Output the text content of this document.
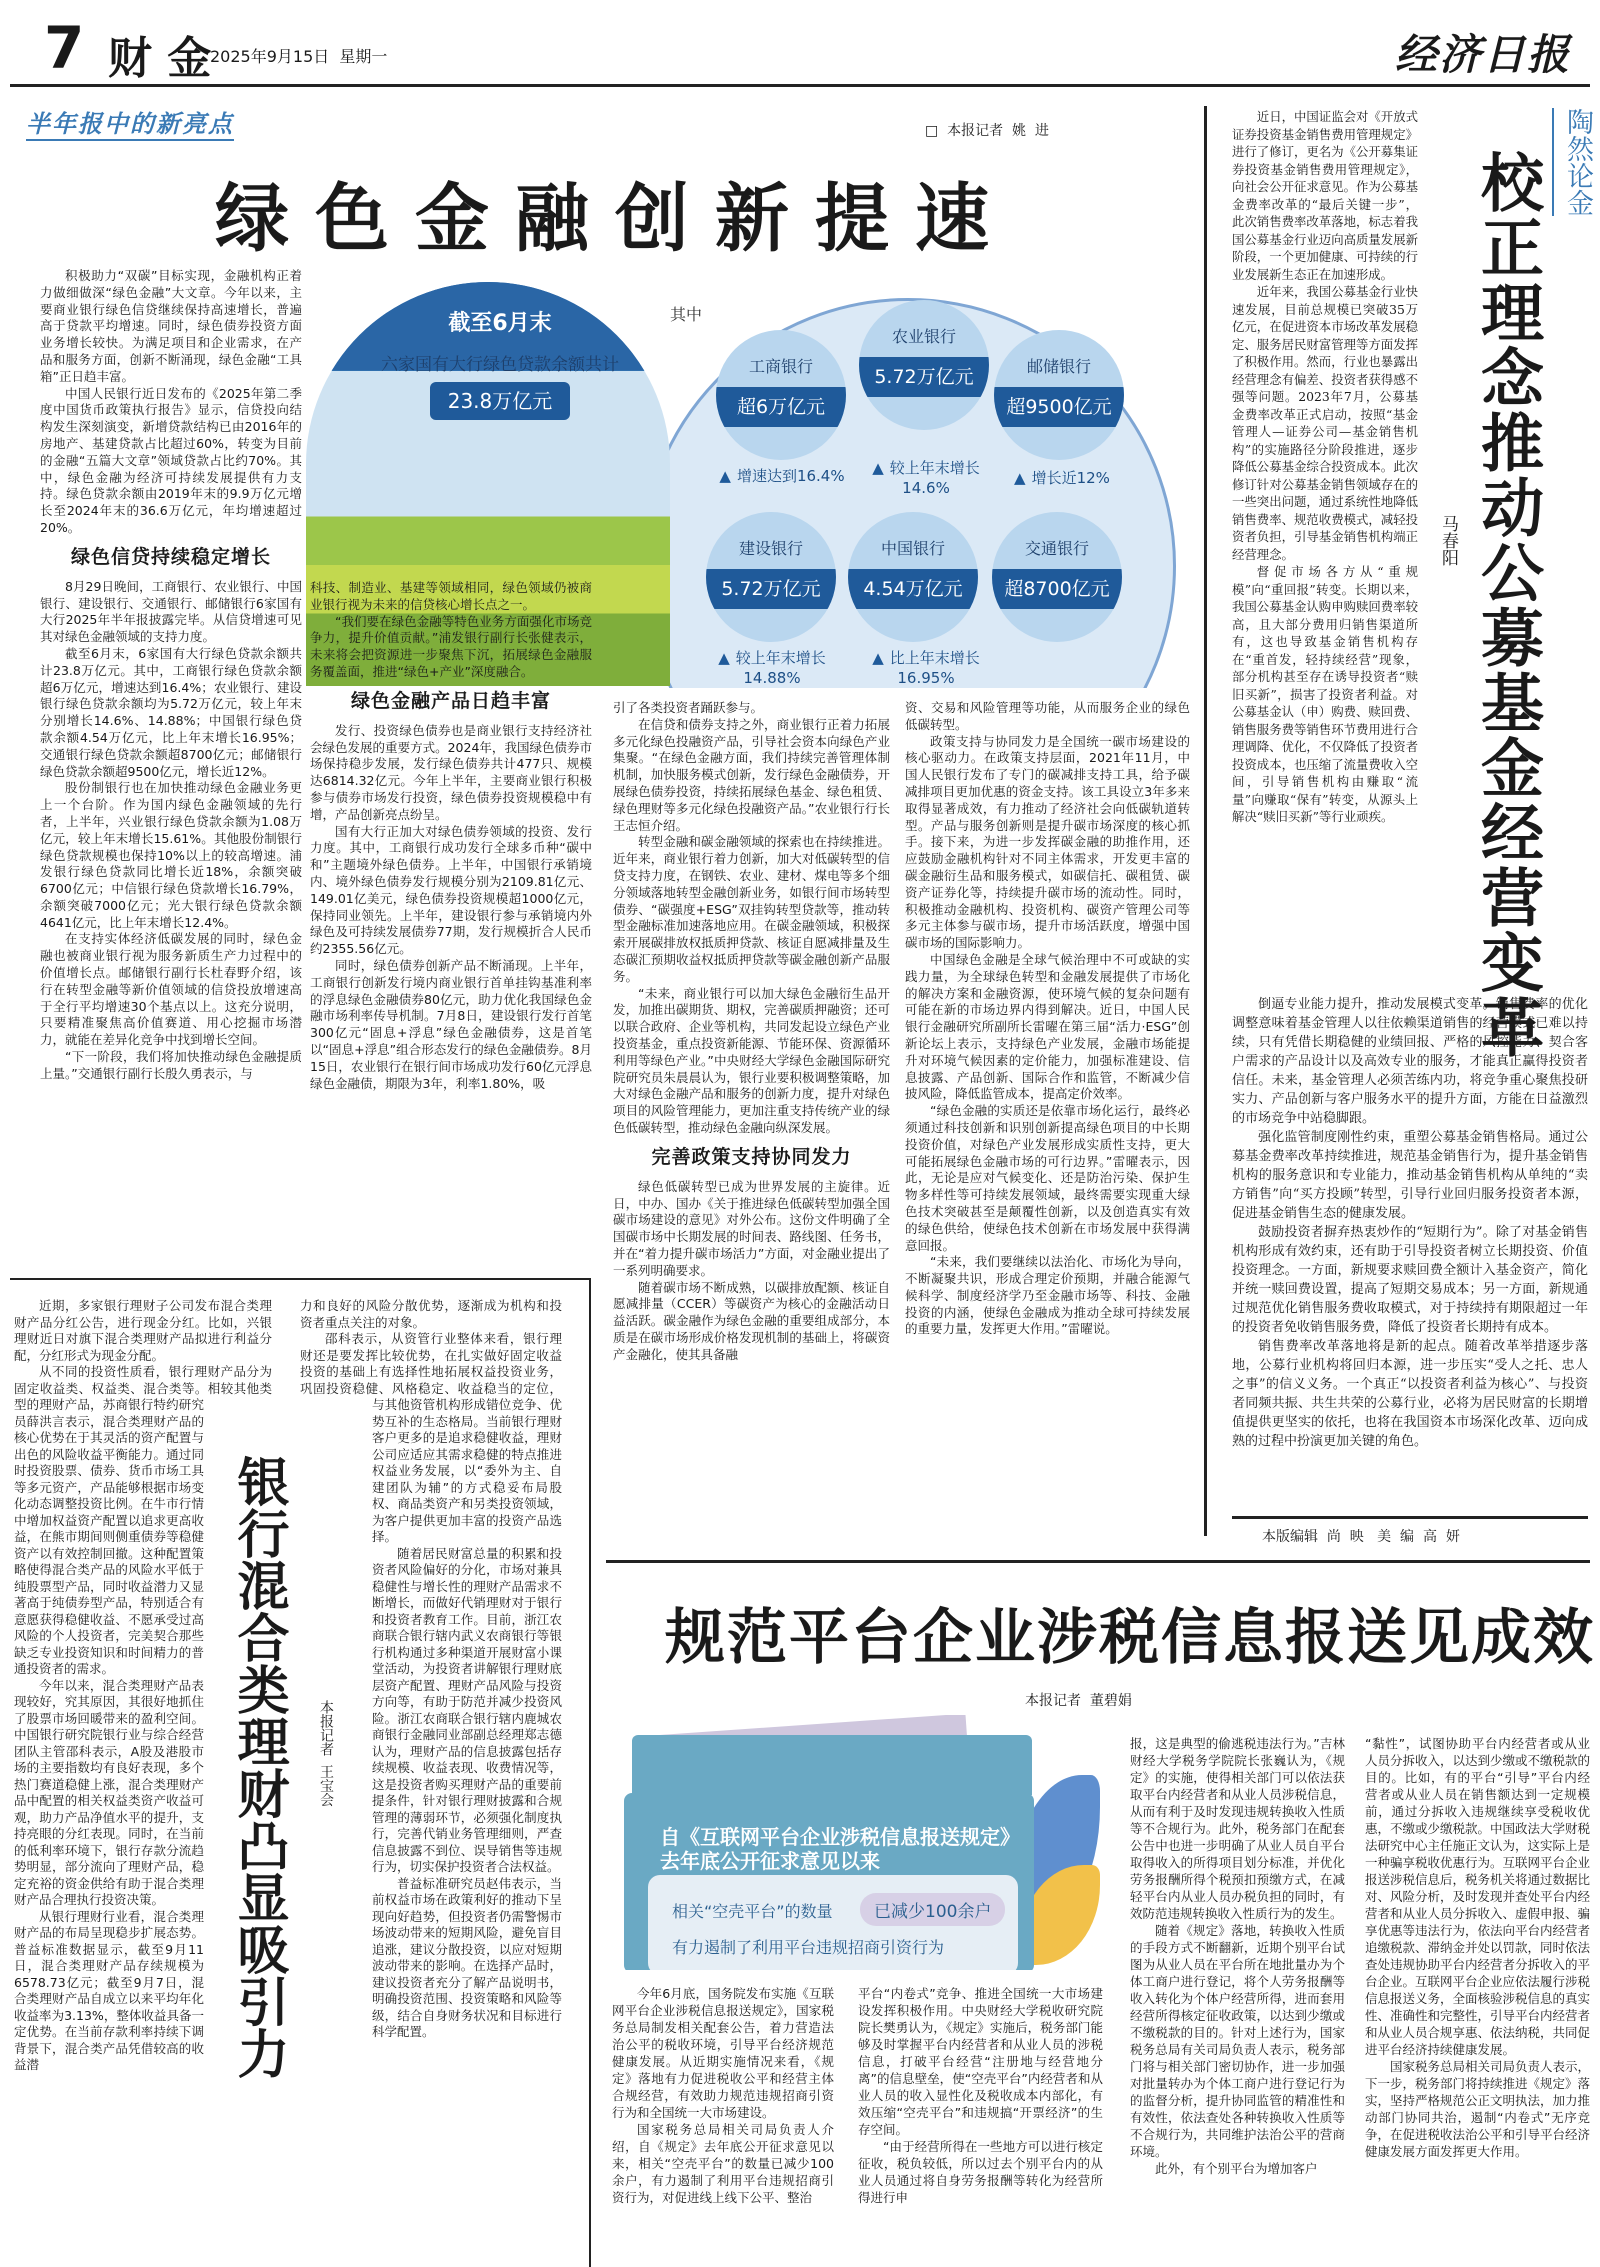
7 财 金
2025年9月15日  星期一	经济日报
半年报中的新亮点	□  本报记者  姚  进
绿色金融创新提速
截至6月末
六家国有大行绿色贷款余额共计
23.8万亿元
其中
工商银行
超6万亿元
▲ 增速达到16.4%
农业银行
5.72万亿元
▲ 较上年末增长14.6%
邮储银行
超9500亿元
▲ 增长近12%
建设银行
5.72万亿元
▲ 较上年末增长14.88%
中国银行
4.54万亿元
▲ 比上年末增长16.95%
交通银行
超8700亿元

积极助力“双碳”目标实现，金融机构正着力做细做深“绿色金融”大文章。今年以来，主要商业银行绿色信贷继续保持高速增长，普遍高于贷款平均增速。同时，绿色债券投资方面业务增长较快。为满足项目和企业需求，在产品和服务方面，创新不断涌现，绿色金融“工具箱”正日趋丰富。

中国人民银行近日发布的《2025年第二季度中国货币政策执行报告》显示，信贷投向结构发生深刻演变，新增贷款结构已由2016年的房地产、基建贷款占比超过60%，转变为目前的金融“五篇大文章”领域贷款占比约70%。其中，绿色金融为经济可持续发展提供有力支持。绿色贷款余额由2019年末的9.9万亿元增长至2024年末的36.6万亿元，年均增速超过20%。

绿色信贷持续稳定增长

8月29日晚间，工商银行、农业银行、中国银行、建设银行、交通银行、邮储银行6家国有大行2025年半年报披露完毕。从信贷增速可见其对绿色金融领域的支持力度。

截至6月末，6家国有大行绿色贷款余额共计23.8万亿元。其中，工商银行绿色贷款余额超6万亿元，增速达到16.4%；农业银行、建设银行绿色贷款余额均为5.72万亿元，较上年末分别增长14.6%、14.88%；中国银行绿色贷款余额4.54万亿元，比上年末增长16.95%；交通银行绿色贷款余额超8700亿元；邮储银行绿色贷款余额超9500亿元，增长近12%。

股份制银行也在加快推动绿色金融业务更上一个台阶。作为国内绿色金融领域的先行者，上半年，兴业银行绿色贷款余额为1.08万亿元，较上年末增长15.61%。其他股份制银行绿色贷款规模也保持10%以上的较高增速。浦发银行绿色贷款同比增长近18%，余额突破6700亿元；中信银行绿色贷款增长16.79%，余额突破7000亿元；光大银行绿色贷款余额4641亿元，比上年末增长12.4%。

在支持实体经济低碳发展的同时，绿色金融也被商业银行视为服务新质生产力过程中的价值增长点。邮储银行副行长杜春野介绍，该行在转型金融等新价值领域的信贷投放增速高于全行平均增速30个基点以上。这充分说明，只要精准聚焦高价值赛道、用心挖掘市场潜力，就能在差异化竞争中找到增长空间。

“下一阶段，我们将加快推动绿色金融提质上量。”交通银行副行长殷久勇表示，与

科技、制造业、基建等领域相同，绿色领域仍被商业银行视为未来的信贷核心增长点之一。

“我们要在绿色金融等特色业务方面强化市场竞争力，提升价值贡献。”浦发银行副行长张健表示，未来将会把资源进一步聚焦下沉，拓展绿色金融服务覆盖面，推进“绿色+产业”深度融合。

绿色金融产品日趋丰富

发行、投资绿色债券也是商业银行支持经济社会绿色发展的重要方式。2024年，我国绿色债券市场保持稳步发展，发行绿色债券共计477只、规模达6814.32亿元。今年上半年，主要商业银行积极参与债券市场发行投资，绿色债券投资规模稳中有增，产品创新亮点纷呈。

国有大行正加大对绿色债券领域的投资、发行力度。其中，工商银行成功发行全球多币种“碳中和”主题境外绿色债券。上半年，中国银行承销境内、境外绿色债券发行规模分别为2109.81亿元、149.01亿美元，绿色债券投资规模超1000亿元，保持同业领先。上半年，建设银行参与承销境内外绿色及可持续发展债券77期，发行规模折合人民币约2355.56亿元。

同时，绿色债券创新产品不断涌现。上半年，工商银行创新发行境内商业银行首单挂钩基准利率的浮息绿色金融债券80亿元，助力优化我国绿色金融市场利率传导机制。7月8日，建设银行发行首笔300亿元“固息+浮息”绿色金融债券，这是首笔以“固息+浮息”组合形态发行的绿色金融债券。8月15日，农业银行在银行间市场成功发行60亿元浮息绿色金融债，期限为3年，利率1.80%，吸

引了各类投资者踊跃参与。

在信贷和债券支持之外，商业银行正着力拓展多元化绿色投融资产品，引导社会资本向绿色产业集聚。“在绿色金融方面，我们持续完善管理体制机制，加快服务模式创新，发行绿色金融债券，开展绿色债券投资，持续拓展绿色基金、绿色租赁、绿色理财等多元化绿色投融资产品。”农业银行行长王志恒介绍。

转型金融和碳金融领域的探索也在持续推进。近年来，商业银行着力创新，加大对低碳转型的信贷支持力度，在钢铁、农业、建材、煤电等多个细分领域落地转型金融创新业务，如银行间市场转型债券、“碳强度+ESG”双挂钩转型贷款等，推动转型金融标准加速落地应用。在碳金融领域，积极探索开展碳排放权抵质押贷款、核证自愿减排量及生态碳汇预期收益权抵质押贷款等碳金融创新产品服务。

“未来，商业银行可以加大绿色金融衍生品开发，加推出碳期货、期权，完善碳质押融资；还可以联合政府、企业等机构，共同发起设立绿色产业投资基金，重点投资新能源、节能环保、资源循环利用等绿色产业。”中央财经大学绿色金融国际研究院研究员朱晨晨认为，银行业要积极调整策略，加大对绿色金融产品和服务的创新力度，提升对绿色项目的风险管理能力，更加注重支持传统产业的绿色低碳转型，推动绿色金融向纵深发展。

完善政策支持协同发力

绿色低碳转型已成为世界发展的主旋律。近日，中办、国办《关于推进绿色低碳转型加强全国碳市场建设的意见》对外公布。这份文件明确了全国碳市场中长期发展的时间表、路线图、任务书，并在“着力提升碳市场活力”方面，对金融业提出了一系列明确要求。

随着碳市场不断成熟，以碳排放配额、核证自愿减排量（CCER）等碳资产为核心的金融活动日益活跃。碳金融作为绿色金融的重要组成部分，本质是在碳市场形成价格发现机制的基础上，将碳资产金融化，使其具备融

资、交易和风险管理等功能，从而服务企业的绿色低碳转型。

政策支持与协同发力是全国统一碳市场建设的核心驱动力。在政策支持层面，2021年11月，中国人民银行发布了专门的碳减排支持工具，给予碳减排项目更加优惠的资金支持。该工具设立3年多来取得显著成效，有力推动了经济社会向低碳轨道转型。产品与服务创新则是提升碳市场深度的核心抓手。接下来，为进一步发挥碳金融的助推作用，还应鼓励金融机构针对不同主体需求，开发更丰富的碳金融衍生品和服务模式，如碳信托、碳租赁、碳资产证券化等，持续提升碳市场的流动性。同时，积极推动金融机构、投资机构、碳资产管理公司等多元主体参与碳市场，提升市场活跃度，增强中国碳市场的国际影响力。

中国绿色金融是全球气候治理中不可或缺的实践力量，为全球绿色转型和金融发展提供了市场化的解决方案和金融资源，使环境气候的复杂问题有可能在新的市场边界内得到解决。近日，中国人民银行金融研究所副所长雷曜在第三届“活力·ESG”创新论坛上表示，支持绿色产业发展，金融市场能提升对环境气候因素的定价能力，加强标准建设、信息披露、产品创新、国际合作和监管，不断减少信披风险，降低监管成本，提高定价效率。

“绿色金融的实质还是依靠市场化运行，最终必须通过科技创新和识别创新提高绿色项目的中长期投资价值，对绿色产业发展形成实质性支持，更大可能拓展绿色金融市场的可行边界。”雷曜表示，因此，无论是应对气候变化、还是防治污染、保护生物多样性等可持续发展领域，最终需要实现重大绿色技术突破甚至是颠覆性创新，以及创造真实有效的绿色供给，使绿色技术创新在市场发展中获得满意回报。

“未来，我们要继续以法治化、市场化为导向，不断凝聚共识，形成合理定价预期，并融合能源气候科学、制度经济学乃至金融市场等、科技、金融投资的内涵，使绿色金融成为推动全球可持续发展的重要力量，发挥更大作用。”雷曜说。

近日，中国证监会对《开放式证券投资基金销售费用管理规定》进行了修订，更名为《公开募集证券投资基金销售费用管理规定》，向社会公开征求意见。作为公募基金费率改革的“最后关键一步”，此次销售费率改革落地，标志着我国公募基金行业迈向高质量发展新阶段，一个更加健康、可持续的行业发展新生态正在加速形成。

近年来，我国公募基金行业快速发展，目前总规模已突破35万亿元，在促进资本市场改革发展稳定、服务居民财富管理等方面发挥了积极作用。然而，行业也暴露出经营理念有偏差、投资者获得感不强等问题。2023年7月，公募基金费率改革正式启动，按照“基金管理人—证券公司—基金销售机构”的实施路径分阶段推进，逐步降低公募基金综合投资成本。此次修订针对公募基金销售领域存在的一些突出问题，通过系统性地降低销售费率、规范收费模式，减轻投资者负担，引导基金销售机构端正经营理念。

督促市场各方从“重规模”向“重回报”转变。长期以来，我国公募基金认购申购赎回费率较高，且大部分费用归销售渠道所有，这也导致基金销售机构存在“重首发，轻持续经营”现象，部分机构甚至存在诱导投资者“赎旧买新”，损害了投资者利益。对公募基金认（申）购费、赎回费、销售服务费等销售环节费用进行合理调降、优化，不仅降低了投资者投资成本，也压缩了流量费收入空间，引导销售机构由赚取“流量”向赚取“保有”转变，从源头上解决“赎旧买新”等行业顽疾。

马春阳 校正理念推动公募基金经营变革 陶然论金

倒逼专业能力提升，推动发展模式变革。销售费率的优化调整意味着基金管理人以往依赖渠道销售的经营模式已难以持续，只有凭借长期稳健的业绩回报、严格的风控能力、契合客户需求的产品设计以及高效专业的服务，才能真正赢得投资者信任。未来，基金管理人必须苦练内功，将竞争重心聚焦投研实力、产品创新与客户服务水平的提升方面，方能在日益激烈的市场竞争中站稳脚跟。

强化监管制度刚性约束，重塑公募基金销售格局。通过公募基金费率改革持续推进，规范基金销售行为，提升基金销售机构的服务意识和专业能力，推动基金销售机构从单纯的“卖方销售”向“买方投顾”转型，引导行业回归服务投资者本源，促进基金销售生态的健康发展。

鼓励投资者摒弃热衷炒作的“短期行为”。除了对基金销售机构形成有效约束，还有助于引导投资者树立长期投资、价值投资理念。一方面，新规要求赎回费全额计入基金资产，简化并统一赎回费设置，提高了短期交易成本；另一方面，新规通过规范优化销售服务费收取模式，对于持续持有期限超过一年的投资者免收销售服务费，降低了投资者长期持有成本。

销售费率改革落地将是新的起点。随着改革举措逐步落地，公募行业机构将回归本源，进一步压实“受人之托、忠人之事”的信义义务。一个真正“以投资者利益为核心”、与投资者同频共振、共生共荣的公募行业，必将为居民财富的长期增值提供更坚实的依托，也将在我国资本市场深化改革、迈向成熟的过程中扮演更加关键的角色。

本版编辑  尚  映   美  编  高  妍

近期，多家银行理财子公司发布混合类理财产品分红公告，进行现金分红。比如，兴银理财近日对旗下混合类理财产品拟进行利益分配，分红形式为现金分配。

从不同的投资性质看，银行理财产品分为固定收益类、权益类、混合类等。相较其他类型的理财产品，苏商银行特约研究员薛洪言表示，混合类理财产品的核心优势在于其灵活的资产配置与出色的风险收益平衡能力。通过同时投资股票、债券、货币市场工具等多元资产，产品能够根据市场变化动态调整投资比例。在牛市行情中增加权益资产配置以追求更高收益，在熊市期间则侧重债券等稳健资产以有效控制回撤。这种配置策略使得混合类产品的风险水平低于纯股票型产品，同时收益潜力又显著高于纯债券型产品，特别适合有意愿获得稳健收益、不愿承受过高风险的个人投资者，完美契合那些缺乏专业投资知识和时间精力的普通投资者的需求。

今年以来，混合类理财产品表现较好，究其原因，其很好地抓住了股票市场回暖带来的盈利空间。中国银行研究院银行业与综合经营团队主管邵科表示，A股及港股市场的主要指数均有良好表现，多个热门赛道稳健上涨，混合类理财产品中配置的相关权益类资产收益可观，助力产品净值水平的提升，支持亮眼的分红表现。同时，在当前的低利率环境下，银行存款分流趋势明显，部分流向了理财产品，稳定充裕的资金供给有助于混合类理财产品合理执行投资决策。

从银行理财行业看，混合类理财产品的布局呈现稳步扩展态势。普益标准数据显示，截至9月11日，混合类理财产品存续规模为6578.73亿元；截至9月7日，混合类理财产品自成立以来平均年化收益率为3.13%，整体收益具备一定优势。在当前存款利率持续下调背景下，混合类产品凭借较高的收益潜

力和良好的风险分散优势，逐渐成为机构和投资者重点关注的对象。

邵科表示，从资管行业整体来看，银行理财还是要发挥比较优势，在扎实做好固定收益投资的基础上有选择性地拓展权益投资业务，巩固投资稳健、风格稳定、收益稳当的定位，与其他资管机构形成错位竞争、优势互补的生态格局。当前银行理财客户更多的是追求稳健收益，理财公司应适应其需求稳健的特点推进权益业务发展，以“委外为主、自建团队为辅”的方式稳妥布局股权、商品类资产和另类投资领域，为客户提供更加丰富的投资产品选择。

随着居民财富总量的积累和投资者风险偏好的分化，市场对兼具稳健性与增长性的理财产品需求不断增长，而做好代销理财对于银行和投资者教育工作。目前，浙江农商联合银行辖内武义农商银行等银行机构通过多种渠道开展财富小课堂活动，为投资者讲解银行理财底层资产配置、理财产品风险与投资方向等，有助于防范并减少投资风险。浙江农商联合银行辖内鹿城农商银行金融同业部副总经理郑志德认为，理财产品的信息披露包括存续规模、收益表现、收费情况等，这是投资者购买理财产品的重要前提条件，针对银行理财披露和合规管理的薄弱环节，必须强化制度执行，完善代销业务管理细则，严查信息披露不到位、误导销售等违规行为，切实保护投资者合法权益。

普益标准研究员赵伟表示，当前权益市场在政策利好的推动下呈现向好趋势，但投资者仍需警惕市场波动带来的短期风险，避免盲目追涨，建议分散投资，以应对短期波动带来的影响。在选择产品时，建议投资者充分了解产品说明书，明确投资范围、投资策略和风险等级，结合自身财务状况和目标进行科学配置。

银行混合类理财凸显吸引力 本报记者  王宝会
规范平台企业涉税信息报送见成效
本报记者  董碧娟
自《互联网平台企业涉税信息报送规定》
去年底公开征求意见以来
相关“空壳平台”的数量	已减少100余户
有力遏制了利用平台违规招商引资行为

今年6月底，国务院发布实施《互联网平台企业涉税信息报送规定》，国家税务总局制发相关配套公告，着力营造法治公平的税收环境，引导平台经济规范健康发展。从近期实施情况来看，《规定》落地有力促进税收公平和经营主体合规经营，有效助力规范违规招商引资行为和全国统一大市场建设。

国家税务总局相关司局负责人介绍，自《规定》去年底公开征求意见以来，相关“空壳平台”的数量已减少100余户，有力遏制了利用平台违规招商引资行为，对促进线上线下公平、整治

平台“内卷式”竞争、推进全国统一大市场建设发挥积极作用。中央财经大学税收研究院院长樊勇认为，《规定》实施后，税务部门能够及时掌握平台内经营者和从业人员的涉税信息，打破平台经营“注册地与经营地分离”的信息壁垒，使“空壳平台”内经营者和从业人员的收入显性化及税收成本内部化，有效压缩“空壳平台”和违规搞“开票经济”的生存空间。

“由于经营所得在一些地方可以进行核定征收，税负较低，所以过去个别平台内的从业人员通过将自身劳务报酬等转化为经营所得进行申

报，这是典型的偷逃税违法行为。”吉林财经大学税务学院院长张巍认为，《规定》的实施，使得相关部门可以依法获取平台内经营者和从业人员涉税信息，从而有利于及时发现违规转换收入性质等不合规行为。此外，税务部门在配套公告中也进一步明确了从业人员自平台取得收入的所得项目划分标准，并优化劳务报酬所得个税预扣预缴方式，在减轻平台内从业人员办税负担的同时，有效防范违规转换收入性质行为的发生。

随着《规定》落地，转换收入性质的手段方式不断翻新，近期个别平台试图为从业人员在平台所在地批量办为个体工商户进行登记，将个人劳务报酬等收入转化为个体户经营所得，进而套用经营所得核定征收政策，以达到少缴或不缴税款的目的。针对上述行为，国家税务总局有关司局负责人表示，税务部门将与相关部门密切协作，进一步加强对批量转办为个体工商户进行登记行为的监督分析，提升协同监管的精准性和有效性，依法查处各种转换收入性质等不合规行为，共同维护法治公平的营商环境。

此外，有个别平台为增加客户

“黏性”，试图协助平台内经营者或从业人员分拆收入，以达到少缴或不缴税款的目的。比如，有的平台“引导”平台内经营者或从业人员在销售额达到一定规模前，通过分拆收入违规继续享受税收优惠，不缴或少缴税款。中国政法大学财税法研究中心主任施正文认为，这实际上是一种骗享税收优惠行为。互联网平台企业报送涉税信息后，税务机关将通过数据比对、风险分析，及时发现并查处平台内经营者和从业人员分拆收入、虚假申报、骗享优惠等违法行为，依法向平台内经营者追缴税款、滞纳金并处以罚款，同时依法查处违规协助平台内经营者分拆收入的平台企业。互联网平台企业应依法履行涉税信息报送义务，全面核验涉税信息的真实性、准确性和完整性，引导平台内经营者和从业人员合规享惠、依法纳税，共同促进平台经济持续健康发展。

国家税务总局相关司局负责人表示，下一步，税务部门将持续推进《规定》落实，坚持严格规范公正文明执法，加力推动部门协同共治，遏制“内卷式”无序竞争，在促进税收法治公平和引导平台经济健康发展方面发挥更大作用。
